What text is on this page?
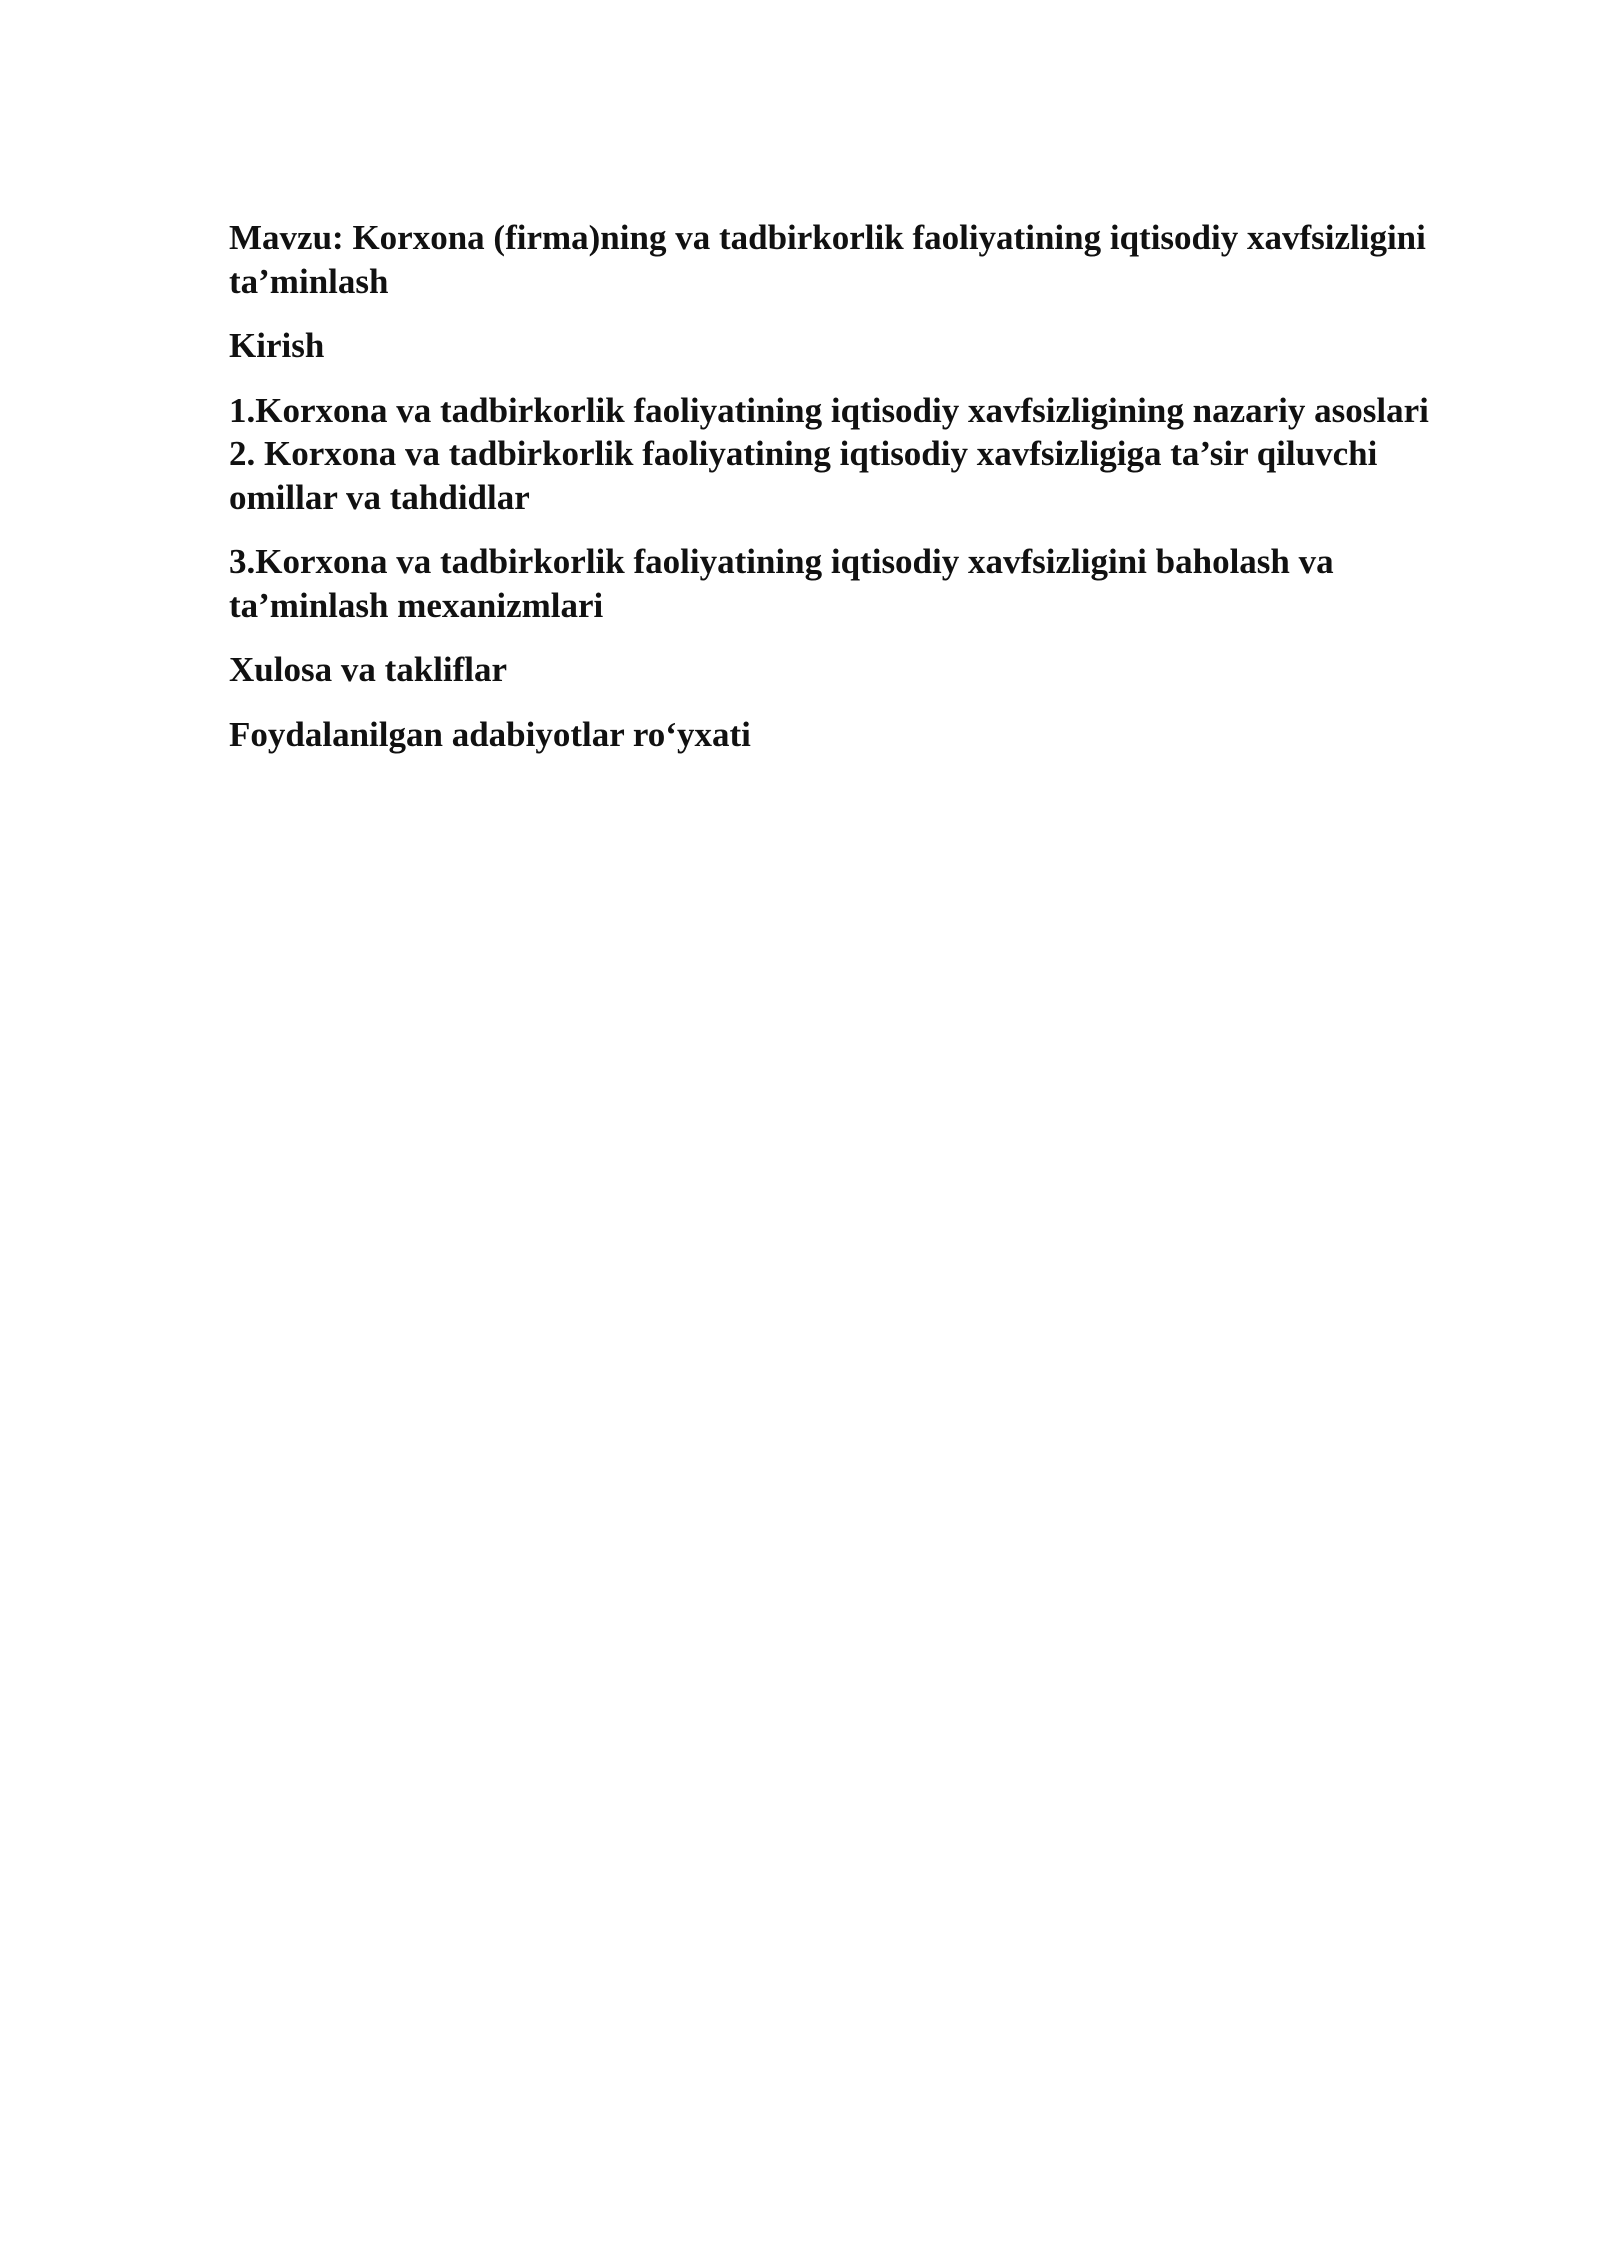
Mavzu: Korxona (firma)ning va tadbirkorlik faoliyatining iqtisodiy xavfsizligini ta’minlash

Kirish

1.Korxona va tadbirkorlik faoliyatining iqtisodiy xavfsizligining nazariy asoslari

2. Korxona va tadbirkorlik faoliyatining iqtisodiy xavfsizligiga ta’sir qiluvchi omillar va tahdidlar

3.Korxona va tadbirkorlik faoliyatining iqtisodiy xavfsizligini baholash va ta’minlash mexanizmlari

Xulosa va takliflar

Foydalanilgan adabiyotlar ro‘yxati
